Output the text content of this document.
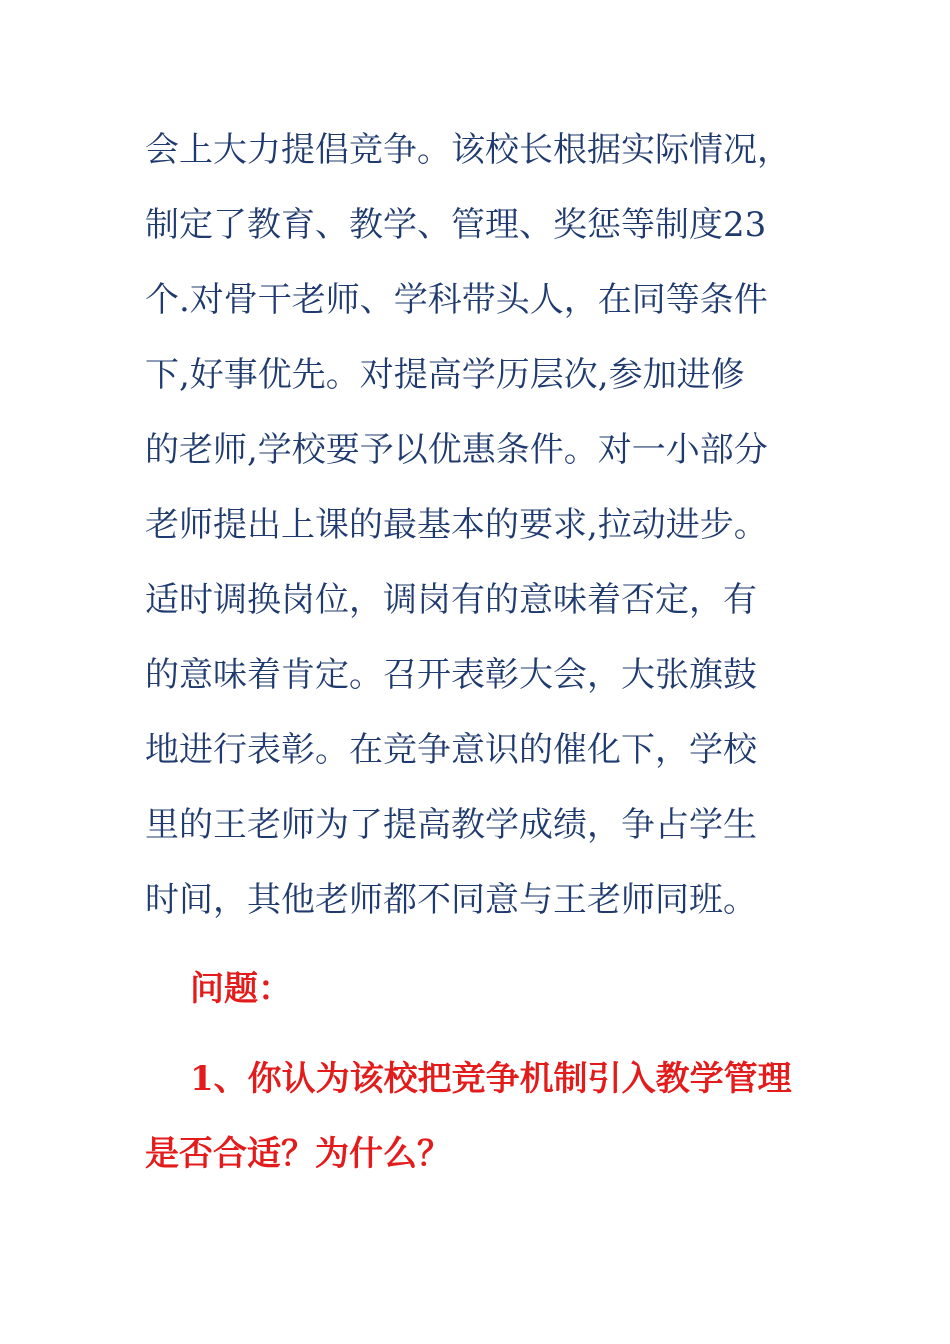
会上大力提倡竞争。该校长根据实际情况，
制定了教育、教学、管理、奖惩等制度23
个.对骨干老师、学科带头人，在同等条件
下,好事优先。对提高学历层次,参加进修
的老师,学校要予以优惠条件。对一小部分
老师提出上课的最基本的要求,拉动进步。
适时调换岗位，调岗有的意味着否定，有
的意味着肯定。召开表彰大会，大张旗鼓
地进行表彰。在竞争意识的催化下，学校
里的王老师为了提高教学成绩，争占学生
时间，其他老师都不同意与王老师同班。
问题：
1、你认为该校把竞争机制引入教学管理
是否合适？为什么？
